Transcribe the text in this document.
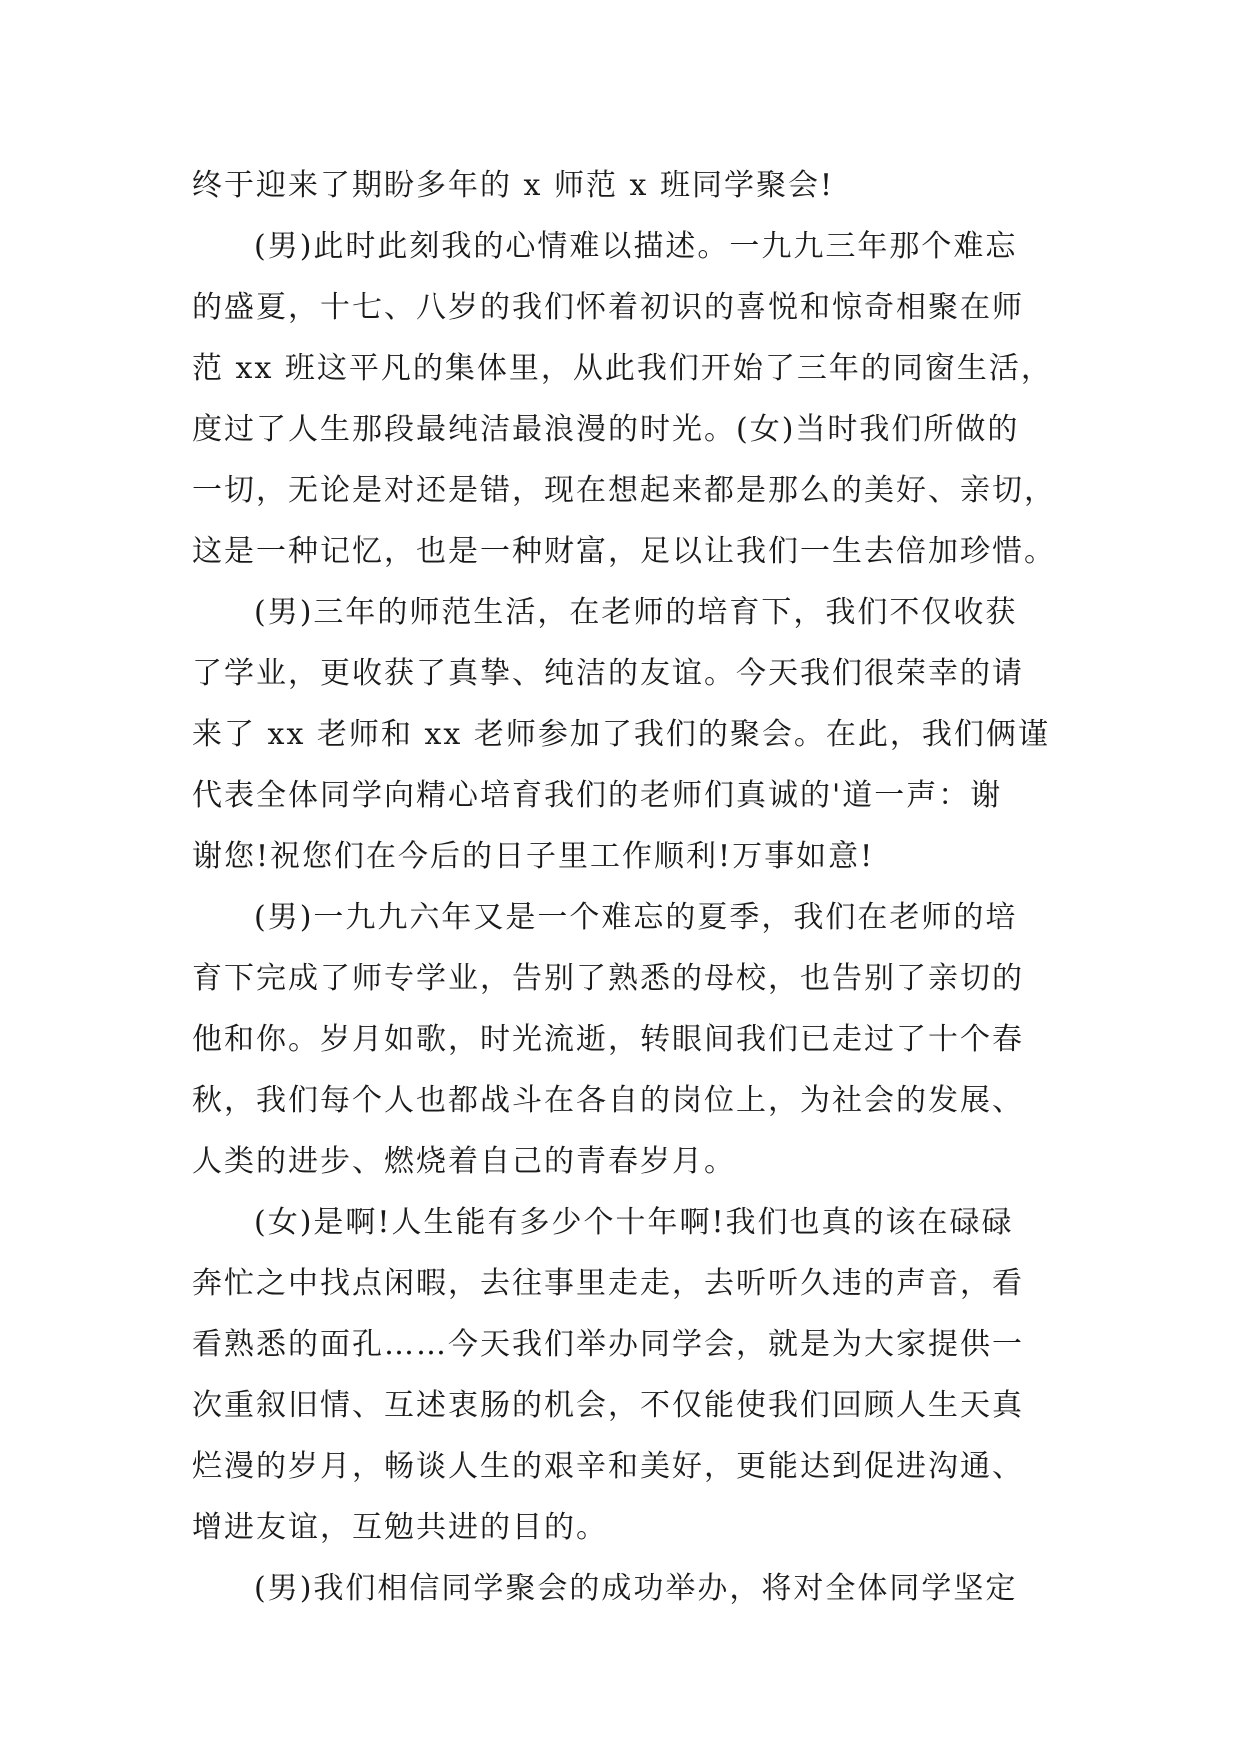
终于迎来了期盼多年的 x 师范 x 班同学聚会!
(男)此时此刻我的心情难以描述。一九九三年那个难忘
的盛夏，十七、八岁的我们怀着初识的喜悦和惊奇相聚在师
范 xx 班这平凡的集体里，从此我们开始了三年的同窗生活，
度过了人生那段最纯洁最浪漫的时光。(女)当时我们所做的
一切，无论是对还是错，现在想起来都是那么的美好、亲切，
这是一种记忆，也是一种财富，足以让我们一生去倍加珍惜。
(男)三年的师范生活，在老师的培育下，我们不仅收获
了学业，更收获了真挚、纯洁的友谊。今天我们很荣幸的请
来了 xx 老师和 xx 老师参加了我们的聚会。在此，我们俩谨
代表全体同学向精心培育我们的老师们真诚的'道一声：谢
谢您!祝您们在今后的日子里工作顺利!万事如意!
(男)一九九六年又是一个难忘的夏季，我们在老师的培
育下完成了师专学业，告别了熟悉的母校，也告别了亲切的
他和你。岁月如歌，时光流逝，转眼间我们已走过了十个春
秋，我们每个人也都战斗在各自的岗位上，为社会的发展、
人类的进步、燃烧着自己的青春岁月。
(女)是啊!人生能有多少个十年啊!我们也真的该在碌碌
奔忙之中找点闲暇，去往事里走走，去听听久违的声音，看
看熟悉的面孔……今天我们举办同学会，就是为大家提供一
次重叙旧情、互述衷肠的机会，不仅能使我们回顾人生天真
烂漫的岁月，畅谈人生的艰辛和美好，更能达到促进沟通、
增进友谊，互勉共进的目的。
(男)我们相信同学聚会的成功举办，将对全体同学坚定
